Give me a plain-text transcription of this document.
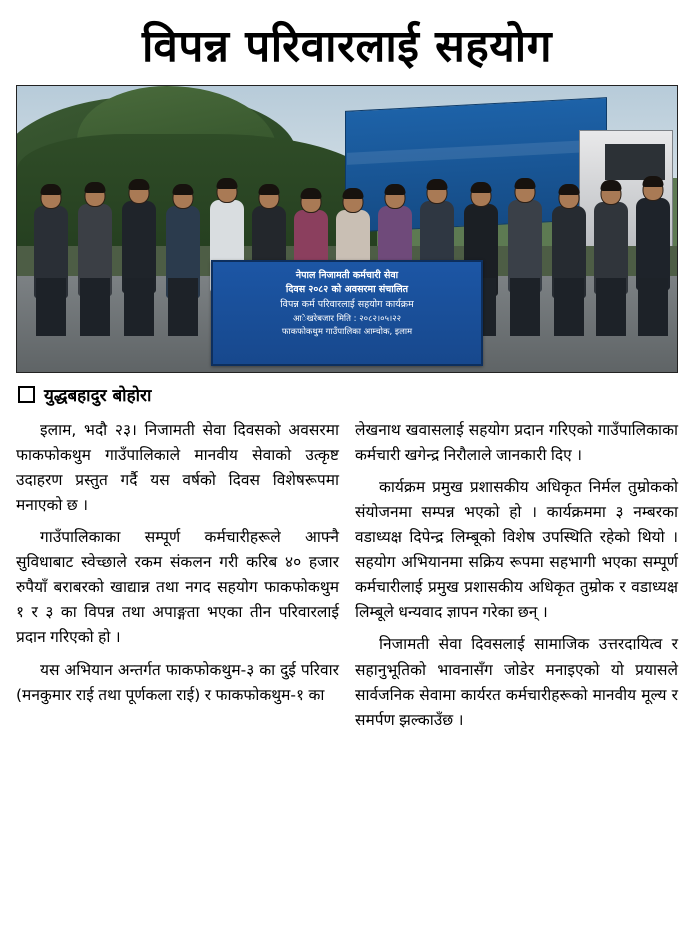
विपन्न परिवारलाई सहयोग
नेपाल निजामती कर्मचारी सेवा
दिवस २०८२ को अवसरमा संचालित
विपन्न कर्म परिवारलाई सहयोग कार्यक्रम
आेखरेबजार मिति : २०८२।०५।२२
फाकफोकथुम गाउँपालिका आम्चोक, इलाम
युद्धबहादुर बोहोरा

इलाम, भदौ २३। निजामती सेवा दिवसको अवसरमा फाकफोकथुम गाउँपालिकाले मानवीय सेवाको उत्कृष्ट उदाहरण प्रस्तुत गर्दै यस वर्षको दिवस विशेषरूपमा मनाएको छ ।

गाउँपालिकाका सम्पूर्ण कर्मचारीहरूले आफ्नै सुविधाबाट स्वेच्छाले रकम संकलन गरी करिब ४० हजार रुपैयाँ बराबरको खाद्यान्न तथा नगद सहयोग फाकफोकथुम १ र ३ का विपन्न तथा अपाङ्गता भएका तीन परिवारलाई प्रदान गरिएको हो ।

यस अभियान अन्तर्गत फाकफोकथुम-३ का दुई परिवार (मनकुमार राई तथा पूर्णकला राई) र फाकफोकथुम-१ का

लेखनाथ खवासलाई सहयोग प्रदान गरिएको गाउँपालिकाका कर्मचारी खगेन्द्र निरौलाले जानकारी दिए ।

कार्यक्रम प्रमुख प्रशासकीय अधिकृत निर्मल तुम्रोकको संयोजनमा सम्पन्न भएको हो । कार्यक्रममा ३ नम्बरका वडाध्यक्ष दिपेन्द्र लिम्बूको विशेष उपस्थिति रहेको थियो । सहयोग अभियानमा सक्रिय रूपमा सहभागी भएका सम्पूर्ण कर्मचारीलाई प्रमुख प्रशासकीय अधिकृत तुम्रोक र वडाध्यक्ष लिम्बूले धन्यवाद ज्ञापन गरेका छन् ।

निजामती सेवा दिवसलाई सामाजिक उत्तरदायित्व र सहानुभूतिको भावनासँग जोडेर मनाइएको यो प्रयासले सार्वजनिक सेवामा कार्यरत कर्मचारीहरूको मानवीय मूल्य र समर्पण झल्काउँछ ।
